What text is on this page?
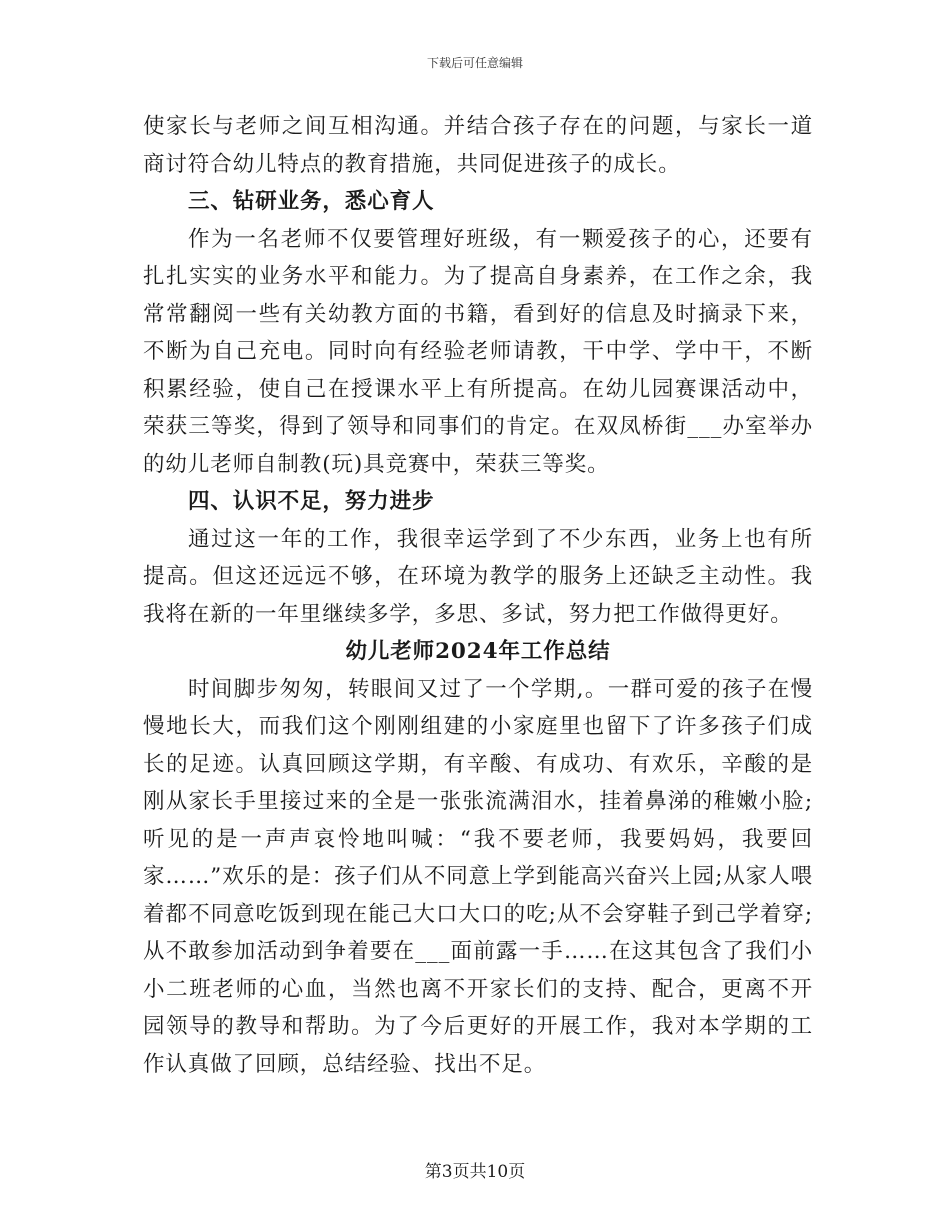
下载后可任意编辑

使家长与老师之间互相沟通。并结合孩子存在的问题，与家长一道商讨符合幼儿特点的教育措施，共同促进孩子的成长。

三、钻研业务，悉心育人

作为一名老师不仅要管理好班级，有一颗爱孩子的心，还要有扎扎实实的业务水平和能力。为了提高自身素养，在工作之余，我常常翻阅一些有关幼教方面的书籍，看到好的信息及时摘录下来，不断为自己充电。同时向有经验老师请教，干中学、学中干，不断积累经验，使自己在授课水平上有所提高。在幼儿园赛课活动中，荣获三等奖，得到了领导和同事们的肯定。在双凤桥街___办室举办的幼儿老师自制教(玩)具竞赛中，荣获三等奖。

四、认识不足，努力进步

通过这一年的工作，我很幸运学到了不少东西，业务上也有所提高。但这还远远不够，在环境为教学的服务上还缺乏主动性。我我将在新的一年里继续多学，多思、多试，努力把工作做得更好。

幼儿老师2024年工作总结

时间脚步匆匆，转眼间又过了一个学期,。一群可爱的孩子在慢慢地长大，而我们这个刚刚组建的小家庭里也留下了许多孩子们成长的足迹。认真回顾这学期，有辛酸、有成功、有欢乐，辛酸的是刚从家长手里接过来的全是一张张流满泪水，挂着鼻涕的稚嫩小脸;听见的是一声声哀怜地叫喊：“我不要老师，我要妈妈，我要回家……”欢乐的是：孩子们从不同意上学到能高兴奋兴上园;从家人喂着都不同意吃饭到现在能己大口大口的吃;从不会穿鞋子到己学着穿;从不敢参加活动到争着要在___面前露一手……在这其包含了我们小小二班老师的心血，当然也离不开家长们的支持、配合，更离不开园领导的教导和帮助。为了今后更好的开展工作，我对本学期的工作认真做了回顾，总结经验、找出不足。

第3页共10页
